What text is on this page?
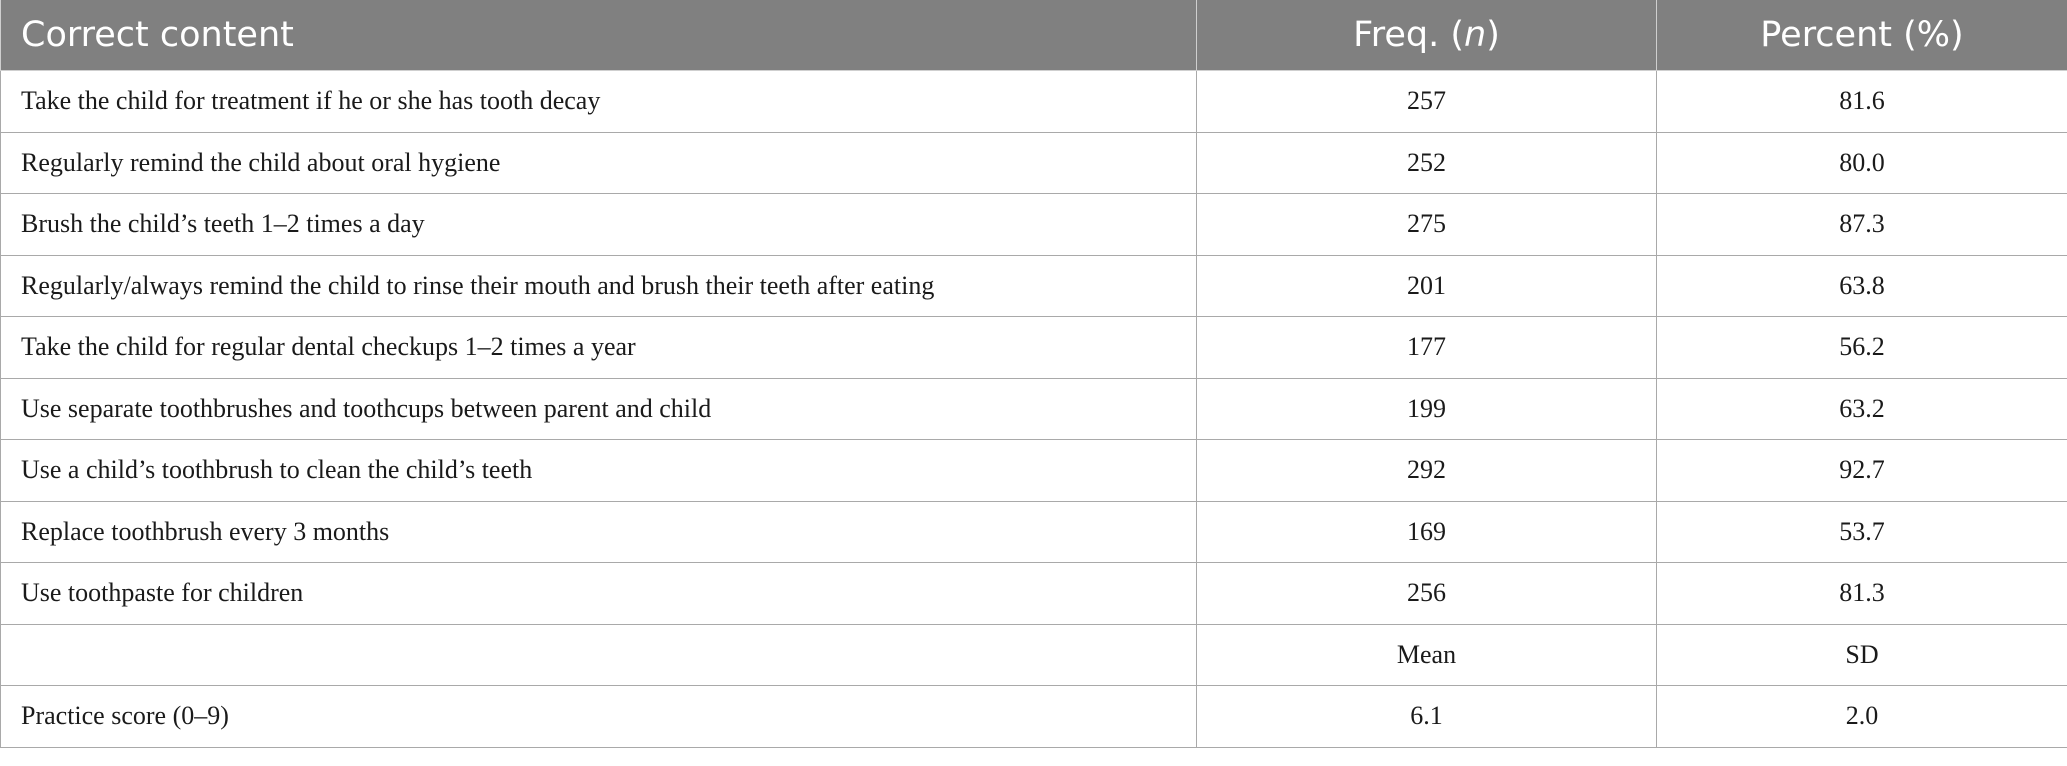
Correct content	Freq. (n)	Percent (%)
Take the child for treatment if he or she has tooth decay	257	81.6
Regularly remind the child about oral hygiene	252	80.0
Brush the child’s teeth 1–2 times a day	275	87.3
Regularly/always remind the child to rinse their mouth and brush their teeth after eating	201	63.8
Take the child for regular dental checkups 1–2 times a year	177	56.2
Use separate toothbrushes and toothcups between parent and child	199	63.2
Use a child’s toothbrush to clean the child’s teeth	292	92.7
Replace toothbrush every 3 months	169	53.7
Use toothpaste for children	256	81.3
	Mean	SD
Practice score (0–9)	6.1	2.0
